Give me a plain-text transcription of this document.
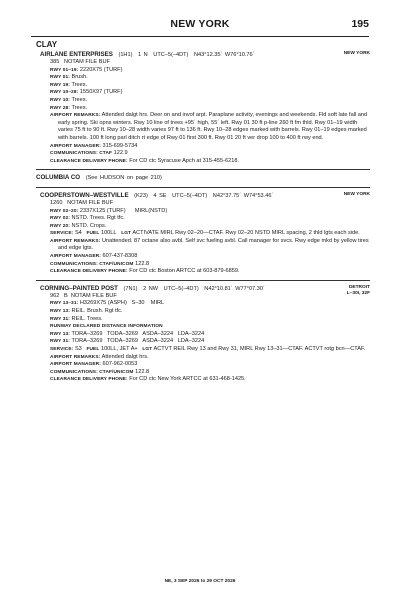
NEW YORK	195
CLAY
AIRLANE ENTERPRISES (1H1) 1 N UTC–5(–4DT) N43°12.35´ W76°10.76´	NEW YORK
385 NOTAM FILE BUF
RWY 01–19: 2220X75 (TURF)
RWY 01: Brush.
RWY 19: Trees.
RWY 10–28: 1550X97 (TURF)
RWY 10: Trees.
RWY 28: Trees.
AIRPORT REMARKS: Attended dalgt hrs. Deer on and invof arpt. Paraplane activity, evenings and weekends. Fld soft late fall and early spring. Ski opns winters. Rwy 10 line of trees +95´ high, 55´ left. Rwy 01 30 ft p-line 260 ft fm thld. Rwy 01–19 width varies 75 ft to 90 ft. Rwy 10–28 width varies 97 ft to 136 ft. Rwy 10–28 edges marked with barrels. Rwy 01–19 edges marked with barrels. 100 ft long parl ditch rt edge of Rwy 01 first 300 ft. Rwy 01 20 ft ver drop 100 to 400 ft rwy end.
AIRPORT MANAGER: 315-699-5734
COMMUNICATIONS: CTAF 122.9
CLEARANCE DELIVERY PHONE: For CD ctc Syracuse Apch at 315-455-6218.
COLUMBIA CO (See HUDSON on page 210)
COOPERSTOWN–WESTVILLE (K23) 4 SE UTC–5(–4DT) N42°37.75´ W74°53.46´	NEW YORK
1260 NOTAM FILE BUF
RWY 02–20: 2337X125 (TURF) MIRL(NSTD)
RWY 02: NSTD. Trees. Rgt tfc.
RWY 20: NSTD. Crops.
SERVICE: S4 FUEL 100LL LGT ACTIVATE MIRL Rwy 02–20—CTAF. Rwy 02–20 NSTD MIRL spacing, 2 thld lgts each side.
AIRPORT REMARKS: Unattended. 87 octane also avbl. Self svc fueling avbl. Call manager for svcs. Rwy edge mkd by yellow tires and edge lgts.
AIRPORT MANAGER: 607-437-8308
COMMUNICATIONS: CTAF/UNICOM 122.8
CLEARANCE DELIVERY PHONE: For CD ctc Boston ARTCC at 603-879-6859.
CORNING–PAINTED POST (7N1) 2 NW UTC–5(–4DT) N42°10.81´ W77°07.30´	DETROIT
L–30I, 32F
962 B NOTAM FILE BUF
RWY 13–31: H3269X75 (ASPH) S–30 MIRL
RWY 13: REIL. Brush. Rgt tfc.
RWY 31: REIL. Trees.
RUNWAY DECLARED DISTANCE INFORMATION
RWY 13: TORA–3269   TODA–3269   ASDA–3224   LDA–3224
RWY 31: TORA–3269   TODA–3269   ASDA–3224   LDA–3224
SERVICE: S3 FUEL 100LL, JET A+ LGT ACTVT REIL Rwy 13 and Rwy 31, MIRL Rwy 13–31—CTAF. ACTVT rotg bcn—CTAF.
AIRPORT REMARKS: Attended dalgt hrs.
AIRPORT MANAGER: 607-962-0053
COMMUNICATIONS: CTAF/UNICOM 122.8
CLEARANCE DELIVERY PHONE: For CD ctc New York ARTCC at 631-468-1425.
NE, 3 SEP 2026 to 29 OCT 2026
